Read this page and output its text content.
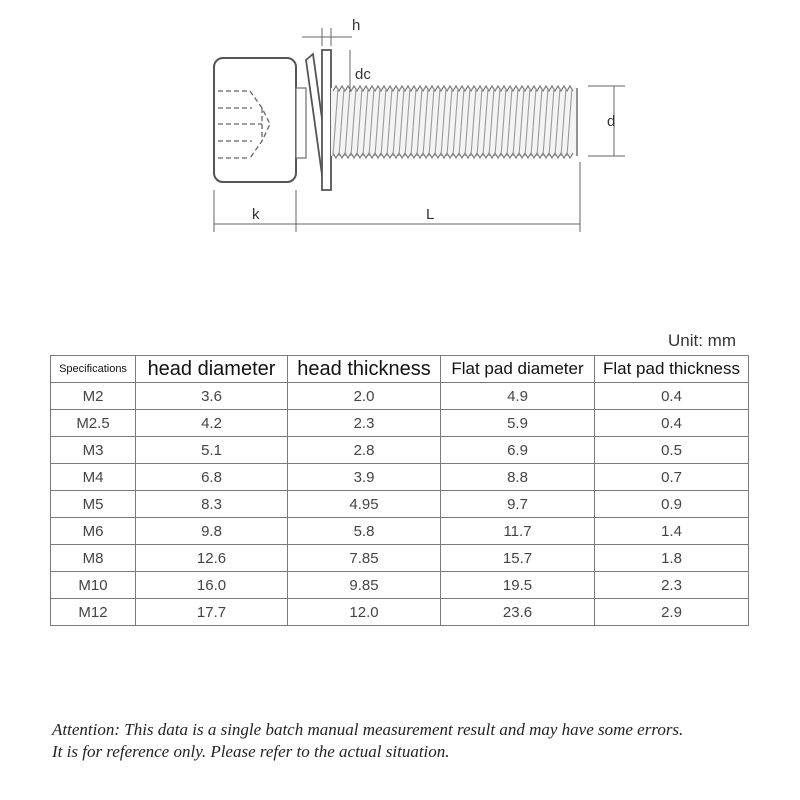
h
dc
d
k	L
Unit: mm
Specifications	head diameter	head thickness	Flat pad diameter	Flat pad thickness
M2	3.6	2.0	4.9	0.4
M2.5	4.2	2.3	5.9	0.4
M3	5.1	2.8	6.9	0.5
M4	6.8	3.9	8.8	0.7
M5	8.3	4.95	9.7	0.9
M6	9.8	5.8	11.7	1.4
M8	12.6	7.85	15.7	1.8
M10	16.0	9.85	19.5	2.3
M12	17.7	12.0	23.6	2.9
Attention: This data is a single batch manual measurement result and may have some errors.
It is for reference only. Please refer to the actual situation.
